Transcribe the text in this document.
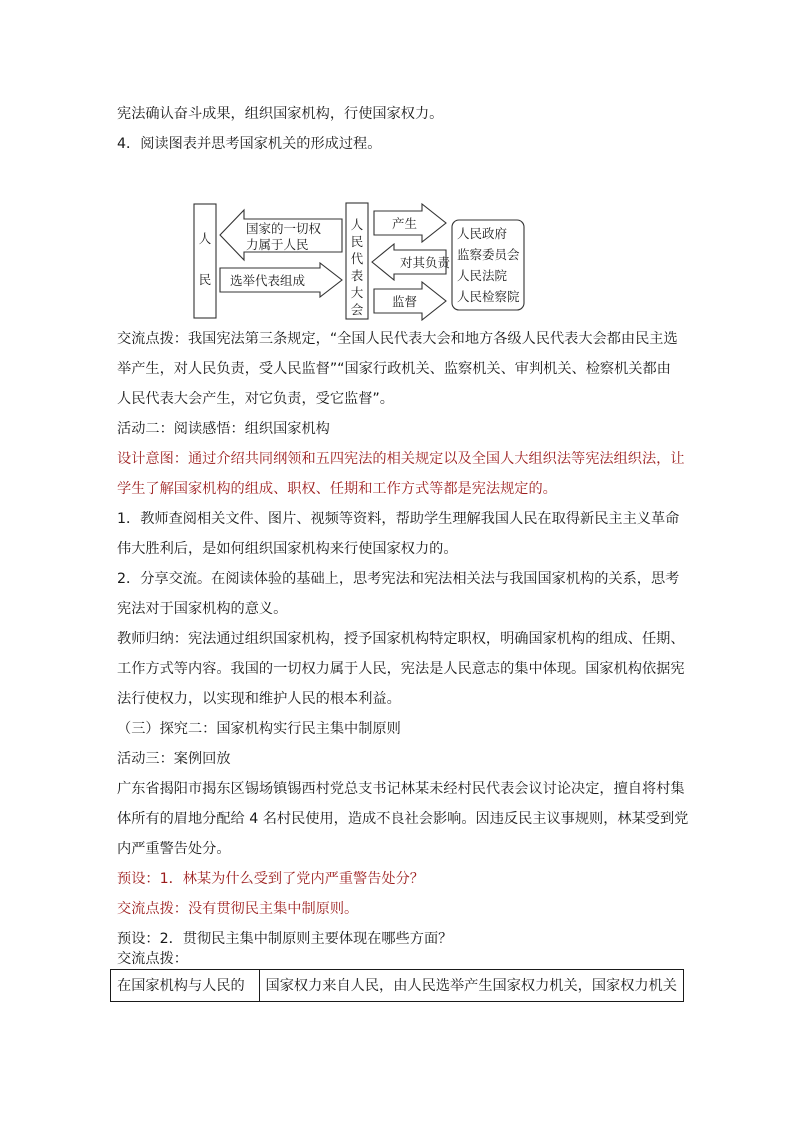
宪法确认奋斗成果，组织国家机构，行使国家权力。
4．阅读图表并思考国家机关的形成过程。
人
民
国家的一切权
力属于人民
选举代表组成
人
民
代
表
大
会
产生
对其负责
监督
人民政府
监察委员会
人民法院
人民检察院
交流点拨：我国宪法第三条规定，“全国人民代表大会和地方各级人民代表大会都由民主选
举产生，对人民负责，受人民监督”“国家行政机关、监察机关、审判机关、检察机关都由
人民代表大会产生，对它负责，受它监督”。
活动二：阅读感悟：组织国家机构
设计意图：通过介绍共同纲领和五四宪法的相关规定以及全国人大组织法等宪法组织法，让
学生了解国家机构的组成、职权、任期和工作方式等都是宪法规定的。
1．教师查阅相关文件、图片、视频等资料，帮助学生理解我国人民在取得新民主主义革命
伟大胜利后，是如何组织国家机构来行使国家权力的。
2．分享交流。在阅读体验的基础上，思考宪法和宪法相关法与我国国家机构的关系，思考
宪法对于国家机构的意义。
教师归纳：宪法通过组织国家机构，授予国家机构特定职权，明确国家机构的组成、任期、
工作方式等内容。我国的一切权力属于人民，宪法是人民意志的集中体现。国家机构依据宪
法行使权力，以实现和维护人民的根本利益。
（三）探究二：国家机构实行民主集中制原则
活动三：案例回放
广东省揭阳市揭东区锡场镇锡西村党总支书记林某未经村民代表会议讨论决定，擅自将村集
体所有的眉地分配给 4 名村民使用，造成不良社会影响。因违反民主议事规则，林某受到党
内严重警告处分。
预设：1．林某为什么受到了党内严重警告处分？
交流点拨：没有贯彻民主集中制原则。
预设：2．贯彻民主集中制原则主要体现在哪些方面？
交流点拨：
在国家机构与人民的	国家权力来自人民，由人民选举产生国家权力机关，国家权力机关
